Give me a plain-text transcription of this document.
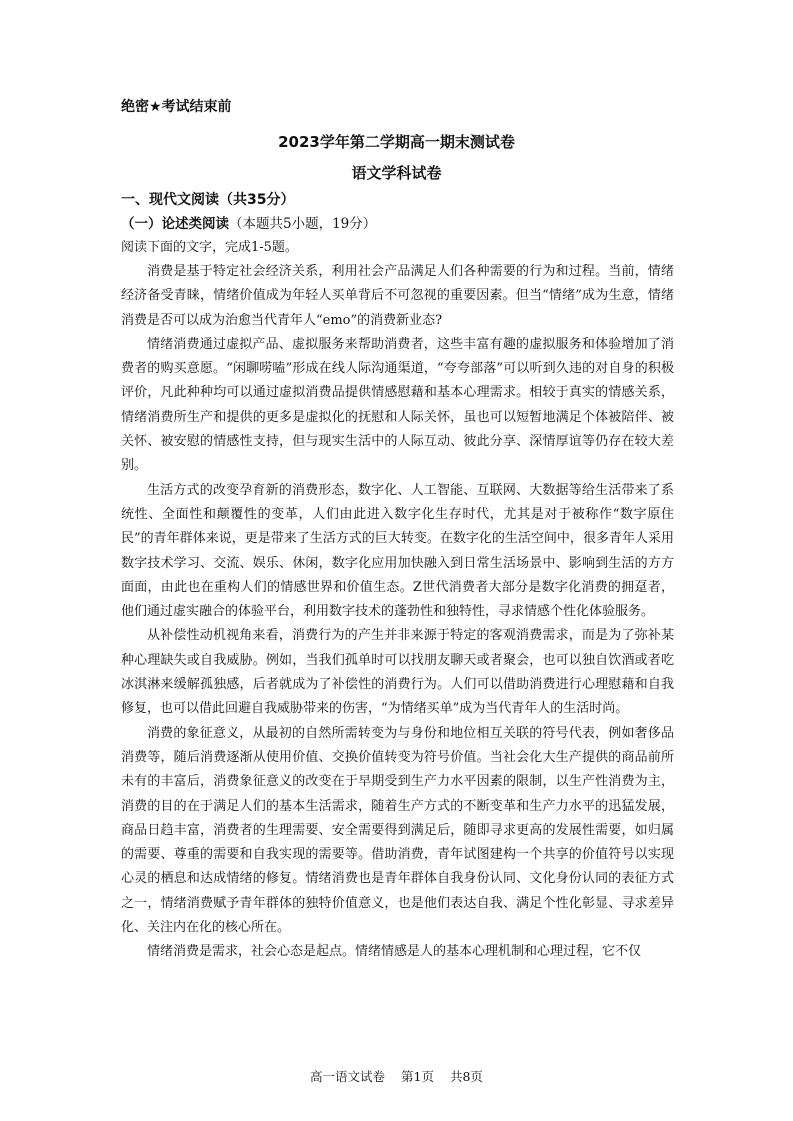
绝密★考试结束前
2023学年第二学期高一期末测试卷
语文学科试卷
一、现代文阅读（共35分）
（一）论述类阅读（本题共5小题，19分）
阅读下面的文字，完成1-5题。

消费是基于特定社会经济关系，利用社会产品满足人们各种需要的行为和过程。当前，情绪经济备受青睐，情绪价值成为年轻人买单背后不可忽视的重要因素。但当“情绪”成为生意，情绪消费是否可以成为治愈当代青年人“emo”的消费新业态?

情绪消费通过虚拟产品、虚拟服务来帮助消费者，这些丰富有趣的虚拟服务和体验增加了消费者的购买意愿。“闲聊唠嗑”形成在线人际沟通渠道，“夸夸部落”可以听到久违的对自身的积极评价，凡此种种均可以通过虚拟消费品提供情感慰藉和基本心理需求。相较于真实的情感关系，情绪消费所生产和提供的更多是虚拟化的抚慰和人际关怀，虽也可以短暂地满足个体被陪伴、被关怀、被安慰的情感性支持，但与现实生活中的人际互动、彼此分享、深情厚谊等仍存在较大差别。

生活方式的改变孕育新的消费形态，数字化、人工智能、互联网、大数据等给生活带来了系统性、全面性和颠覆性的变革，人们由此进入数字化生存时代，尤其是对于被称作“数字原住民”的青年群体来说，更是带来了生活方式的巨大转变。在数字化的生活空间中，很多青年人采用数字技术学习、交流、娱乐、休闲，数字化应用加快融入到日常生活场景中、影响到生活的方方面面，由此也在重构人们的情感世界和价值生态。Z世代消费者大部分是数字化消费的拥趸者，他们通过虚实融合的体验平台，利用数字技术的蓬勃性和独特性，寻求情感个性化体验服务。

从补偿性动机视角来看，消费行为的产生并非来源于特定的客观消费需求，而是为了弥补某种心理缺失或自我威胁。例如，当我们孤单时可以找朋友聊天或者聚会，也可以独自饮酒或者吃冰淇淋来缓解孤独感，后者就成为了补偿性的消费行为。人们可以借助消费进行心理慰藉和自我修复，也可以借此回避自我威胁带来的伤害，“为情绪买单”成为当代青年人的生活时尚。

消费的象征意义，从最初的自然所需转变为与身份和地位相互关联的符号代表，例如奢侈品消费等，随后消费逐渐从使用价值、交换价值转变为符号价值。当社会化大生产提供的商品前所未有的丰富后，消费象征意义的改变在于早期受到生产力水平因素的限制，以生产性消费为主，消费的目的在于满足人们的基本生活需求，随着生产方式的不断变革和生产力水平的迅猛发展，商品日趋丰富，消费者的生理需要、安全需要得到满足后，随即寻求更高的发展性需要，如归属的需要、尊重的需要和自我实现的需要等。借助消费，青年试图建构一个共享的价值符号以实现心灵的栖息和达成情绪的修复。情绪消费也是青年群体自我身份认同、文化身份认同的表征方式之一，情绪消费赋予青年群体的独特价值意义，也是他们表达自我、满足个性化彰显、寻求差异化、关注内在化的核心所在。

情绪消费是需求，社会心态是起点。情绪情感是人的基本心理机制和心理过程，它不仅

高一语文试卷 第1页 共8页
